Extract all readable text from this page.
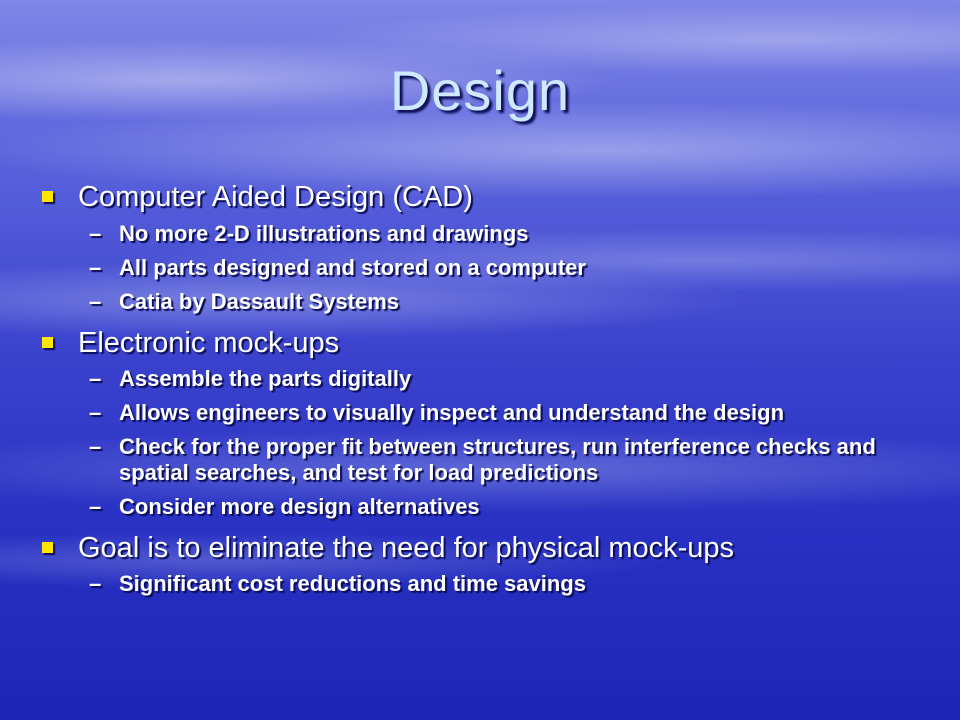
Design
Computer Aided Design (CAD)
– No more 2-D illustrations and drawings
– All parts designed and stored on a computer
– Catia by Dassault Systems
Electronic mock-ups
– Assemble the parts digitally
– Allows engineers to visually inspect and understand the design
– Check for the proper fit between structures, run interference checks and spatial searches, and test for load predictions
– Consider more design alternatives
Goal is to eliminate the need for physical mock-ups
– Significant cost reductions and time savings
